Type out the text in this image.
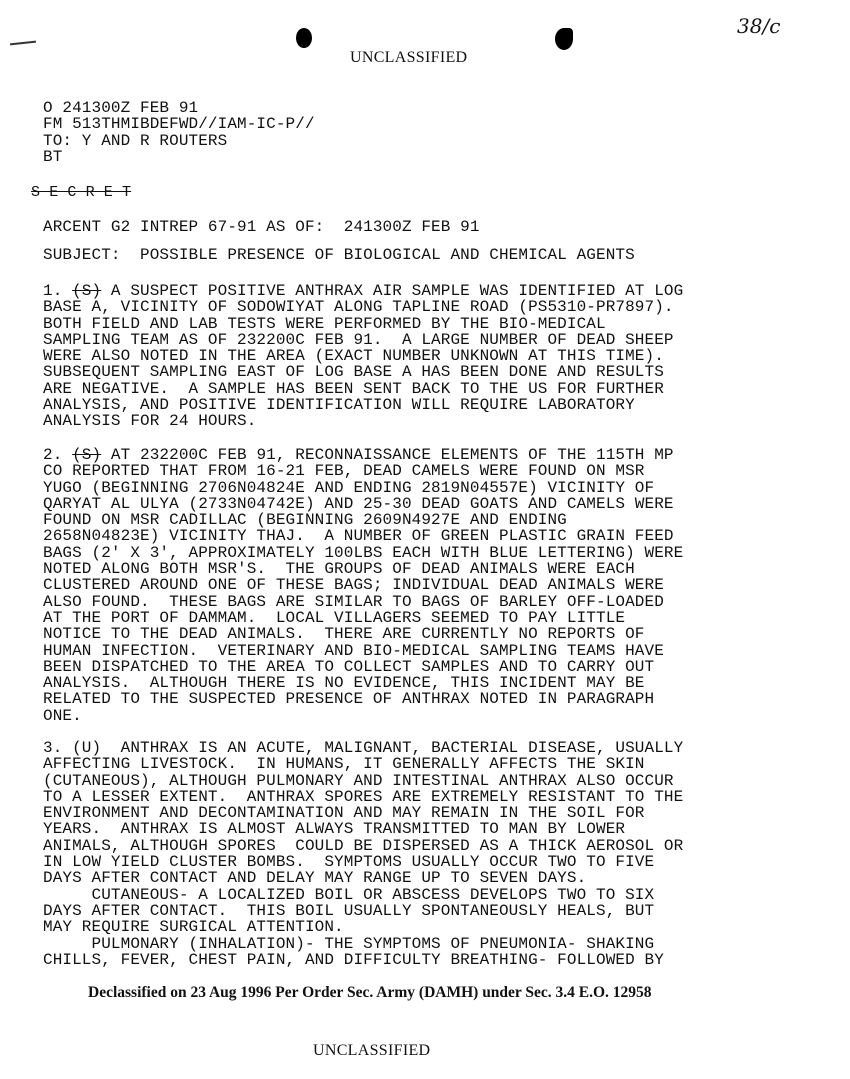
UNCLASSIFIED
38/c
O 241300Z FEB 91
FM 513THMIBDEFWD//IAM-IC-P//
TO: Y AND R ROUTERS
BT
S E C R E T
ARCENT G2 INTREP 67-91 AS OF:  241300Z FEB 91
SUBJECT:  POSSIBLE PRESENCE OF BIOLOGICAL AND CHEMICAL AGENTS
1. (S) A SUSPECT POSITIVE ANTHRAX AIR SAMPLE WAS IDENTIFIED AT LOG
BASE A, VICINITY OF SODOWIYAT ALONG TAPLINE ROAD (PS5310-PR7897).
BOTH FIELD AND LAB TESTS WERE PERFORMED BY THE BIO-MEDICAL
SAMPLING TEAM AS OF 232200C FEB 91.  A LARGE NUMBER OF DEAD SHEEP
WERE ALSO NOTED IN THE AREA (EXACT NUMBER UNKNOWN AT THIS TIME).
SUBSEQUENT SAMPLING EAST OF LOG BASE A HAS BEEN DONE AND RESULTS
ARE NEGATIVE.  A SAMPLE HAS BEEN SENT BACK TO THE US FOR FURTHER
ANALYSIS, AND POSITIVE IDENTIFICATION WILL REQUIRE LABORATORY
ANALYSIS FOR 24 HOURS.
2. (S) AT 232200C FEB 91, RECONNAISSANCE ELEMENTS OF THE 115TH MP
CO REPORTED THAT FROM 16-21 FEB, DEAD CAMELS WERE FOUND ON MSR
YUGO (BEGINNING 2706N04824E AND ENDING 2819N04557E) VICINITY OF
QARYAT AL ULYA (2733N04742E) AND 25-30 DEAD GOATS AND CAMELS WERE
FOUND ON MSR CADILLAC (BEGINNING 2609N4927E AND ENDING
2658N04823E) VICINITY THAJ.  A NUMBER OF GREEN PLASTIC GRAIN FEED
BAGS (2' X 3', APPROXIMATELY 100LBS EACH WITH BLUE LETTERING) WERE
NOTED ALONG BOTH MSR'S.  THE GROUPS OF DEAD ANIMALS WERE EACH
CLUSTERED AROUND ONE OF THESE BAGS; INDIVIDUAL DEAD ANIMALS WERE
ALSO FOUND.  THESE BAGS ARE SIMILAR TO BAGS OF BARLEY OFF-LOADED
AT THE PORT OF DAMMAM.  LOCAL VILLAGERS SEEMED TO PAY LITTLE
NOTICE TO THE DEAD ANIMALS.  THERE ARE CURRENTLY NO REPORTS OF
HUMAN INFECTION.  VETERINARY AND BIO-MEDICAL SAMPLING TEAMS HAVE
BEEN DISPATCHED TO THE AREA TO COLLECT SAMPLES AND TO CARRY OUT
ANALYSIS.  ALTHOUGH THERE IS NO EVIDENCE, THIS INCIDENT MAY BE
RELATED TO THE SUSPECTED PRESENCE OF ANTHRAX NOTED IN PARAGRAPH
ONE.
3. (U)  ANTHRAX IS AN ACUTE, MALIGNANT, BACTERIAL DISEASE, USUALLY
AFFECTING LIVESTOCK.  IN HUMANS, IT GENERALLY AFFECTS THE SKIN
(CUTANEOUS), ALTHOUGH PULMONARY AND INTESTINAL ANTHRAX ALSO OCCUR
TO A LESSER EXTENT.  ANTHRAX SPORES ARE EXTREMELY RESISTANT TO THE
ENVIRONMENT AND DECONTAMINATION AND MAY REMAIN IN THE SOIL FOR
YEARS.  ANTHRAX IS ALMOST ALWAYS TRANSMITTED TO MAN BY LOWER
ANIMALS, ALTHOUGH SPORES  COULD BE DISPERSED AS A THICK AEROSOL OR
IN LOW YIELD CLUSTER BOMBS.  SYMPTOMS USUALLY OCCUR TWO TO FIVE
DAYS AFTER CONTACT AND DELAY MAY RANGE UP TO SEVEN DAYS.
CUTANEOUS- A LOCALIZED BOIL OR ABSCESS DEVELOPS TWO TO SIX
DAYS AFTER CONTACT.  THIS BOIL USUALLY SPONTANEOUSLY HEALS, BUT
MAY REQUIRE SURGICAL ATTENTION.
PULMONARY (INHALATION)- THE SYMPTOMS OF PNEUMONIA- SHAKING
CHILLS, FEVER, CHEST PAIN, AND DIFFICULTY BREATHING- FOLLOWED BY
Declassified on 23 Aug 1996 Per Order Sec. Army (DAMH) under Sec. 3.4 E.O. 12958
UNCLASSIFIED
